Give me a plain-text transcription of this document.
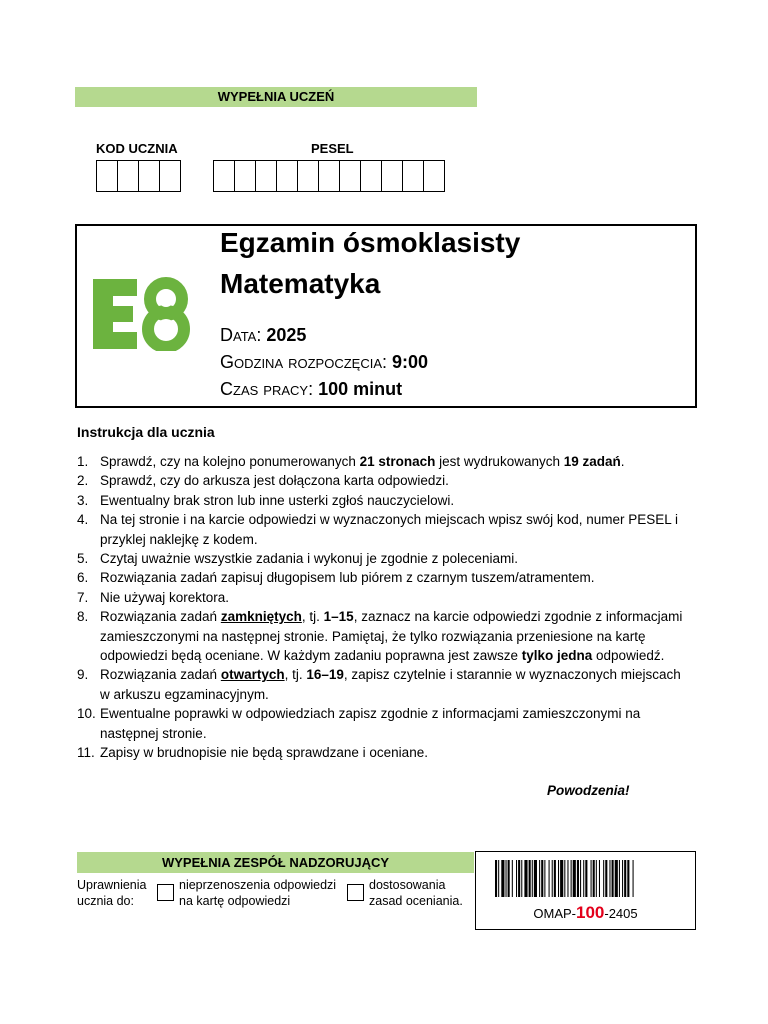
WYPEŁNIA UCZEŃ
KOD UCZNIA	PESEL
Egzamin ósmoklasisty
Matematyka
Data: 2025
Godzina rozpoczęcia: 9:00
Czas pracy: 100 minut
Instrukcja dla ucznia
1. Sprawdź, czy na kolejno ponumerowanych 21 stronach jest wydrukowanych 19 zadań.
2. Sprawdź, czy do arkusza jest dołączona karta odpowiedzi.
3. Ewentualny brak stron lub inne usterki zgłoś nauczycielowi.
4. Na tej stronie i na karcie odpowiedzi w wyznaczonych miejscach wpisz swój kod, numer PESEL i przyklej naklejkę z kodem.
5. Czytaj uważnie wszystkie zadania i wykonuj je zgodnie z poleceniami.
6. Rozwiązania zadań zapisuj długopisem lub piórem z czarnym tuszem/atramentem.
7. Nie używaj korektora.
8. Rozwiązania zadań zamkniętych, tj. 1–15, zaznacz na karcie odpowiedzi zgodnie z informacjami zamieszczonymi na następnej stronie. Pamiętaj, że tylko rozwiązania przeniesione na kartę odpowiedzi będą oceniane. W każdym zadaniu poprawna jest zawsze tylko jedna odpowiedź.
9. Rozwiązania zadań otwartych, tj. 16–19, zapisz czytelnie i starannie w wyznaczonych miejscach w arkuszu egzaminacyjnym.
10. Ewentualne poprawki w odpowiedziach zapisz zgodnie z informacjami zamieszczonymi na następnej stronie.
11. Zapisy w brudnopisie nie będą sprawdzane i oceniane.
Powodzenia!
WYPEŁNIA ZESPÓŁ NADZORUJĄCY
Uprawnienia ucznia do:
nieprzenoszenia odpowiedzi na kartę odpowiedzi
dostosowania zasad oceniania.
OMAP-100-2405
